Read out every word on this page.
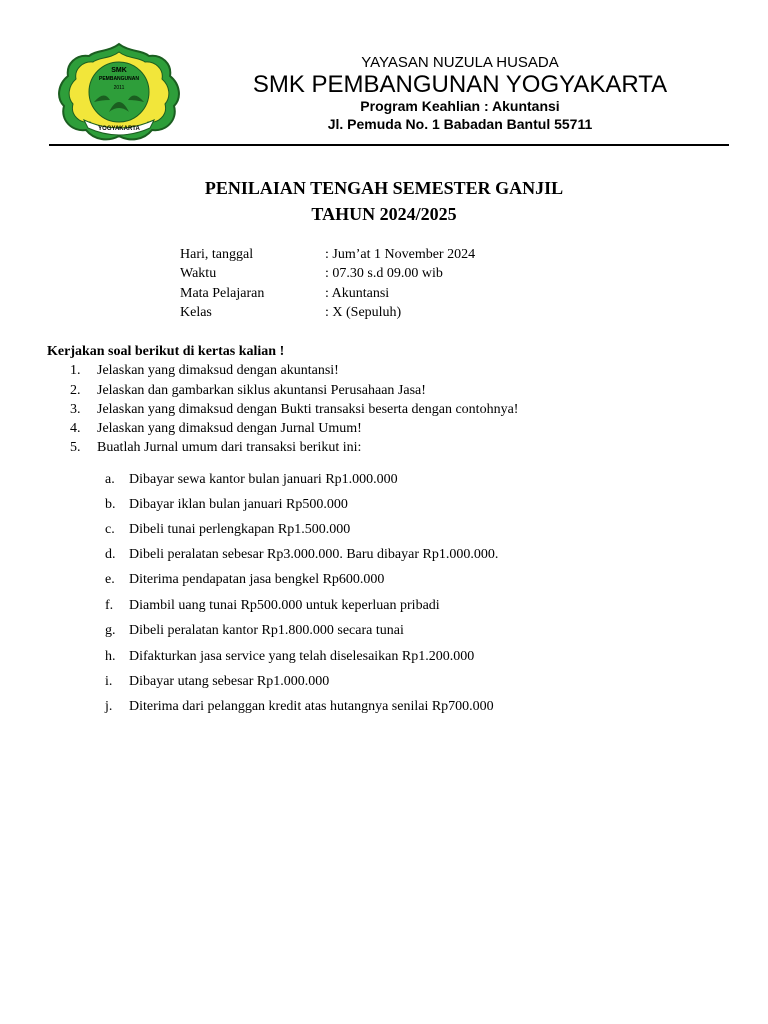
SMK
PEMBANGUNAN
2011
YOGYAKARTA
YAYASAN NUZULA HUSADA
SMK PEMBANGUNAN YOGYAKARTA
Program Keahlian : Akuntansi
Jl. Pemuda No. 1 Babadan Bantul 55711
PENILAIAN TENGAH SEMESTER GANJIL
TAHUN 2024/2025
Hari, tanggal	: Jum’at 1 November 2024
Waktu	: 07.30 s.d 09.00 wib
Mata Pelajaran	: Akuntansi
Kelas	: X (Sepuluh)
Kerjakan soal berikut di kertas kalian !
1. Jelaskan yang dimaksud dengan akuntansi!
2. Jelaskan dan gambarkan siklus akuntansi Perusahaan Jasa!
3. Jelaskan yang dimaksud dengan Bukti transaksi beserta dengan contohnya!
4. Jelaskan yang dimaksud dengan Jurnal Umum!
5. Buatlah Jurnal umum dari transaksi berikut ini:
a. Dibayar sewa kantor bulan januari Rp1.000.000
b. Dibayar iklan bulan januari Rp500.000
c. Dibeli tunai perlengkapan Rp1.500.000
d. Dibeli peralatan sebesar Rp3.000.000. Baru dibayar Rp1.000.000.
e. Diterima pendapatan jasa bengkel Rp600.000
f. Diambil uang tunai Rp500.000 untuk keperluan pribadi
g. Dibeli peralatan kantor Rp1.800.000 secara tunai
h. Difakturkan jasa service yang telah diselesaikan Rp1.200.000
i. Dibayar utang sebesar Rp1.000.000
j. Diterima dari pelanggan kredit atas hutangnya senilai Rp700.000
